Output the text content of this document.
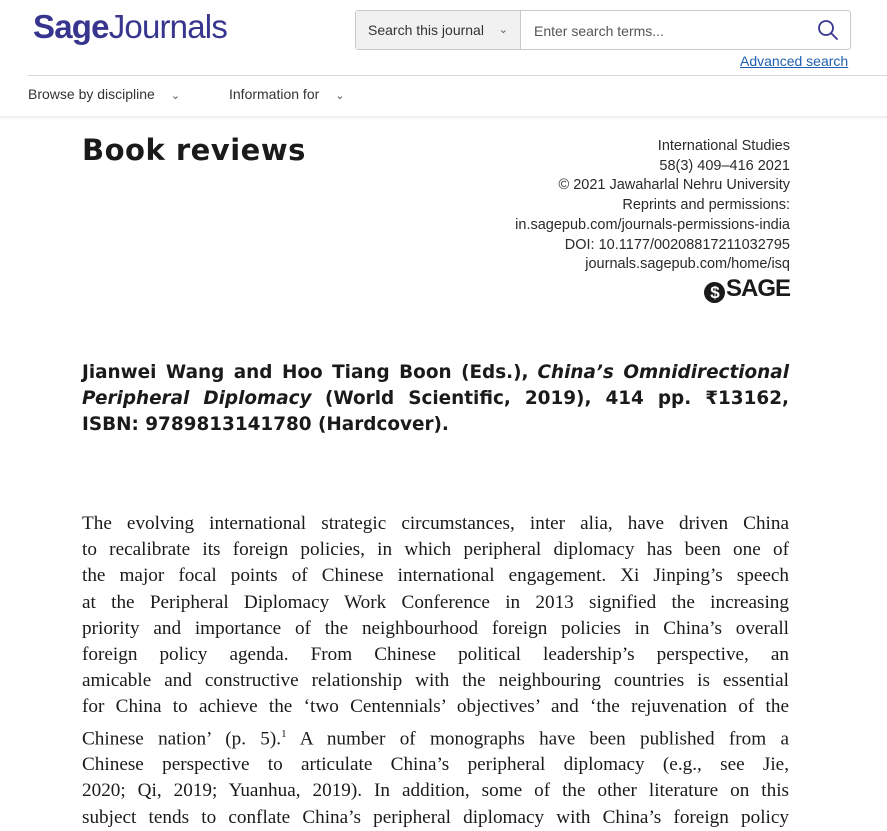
SageJournals	Search this journal ⌄
Enter search terms...
Advanced search
Browse by discipline ⌄	Information for ⌄
Book reviews	International Studies
58(3) 409–416 2021
© 2021 Jawaharlal Nehru University
Reprints and permissions:
in.sagepub.com/journals-permissions-india
DOI: 10.1177/00208817211032795
journals.sagepub.com/home/isq
$ SAGE
Jianwei Wang and Hoo Tiang Boon (Eds.), China’s Omnidirectional Peripheral Diplomacy (World Scientific, 2019), 414 pp. ₹13162, ISBN: 9789813141780 (Hardcover).
The evolving international strategic circumstances, inter alia, have driven China
to recalibrate its foreign policies, in which peripheral diplomacy has been one of
the major focal points of Chinese international engagement. Xi Jinping’s speech
at the Peripheral Diplomacy Work Conference in 2013 signified the increasing
priority and importance of the neighbourhood foreign policies in China’s overall
foreign policy agenda. From Chinese political leadership’s perspective, an
amicable and constructive relationship with the neighbouring countries is essential
for China to achieve the ‘two Centennials’ objectives’ and ‘the rejuvenation of the
Chinese nation’ (p. 5).$^1$ A number of monographs have been published from a
Chinese perspective to articulate China’s peripheral diplomacy (e.g., see Jie,
2020; Qi, 2019; Yuanhua, 2019). In addition, some of the other literature on this
subject tends to conflate China’s peripheral diplomacy with China’s foreign policy
